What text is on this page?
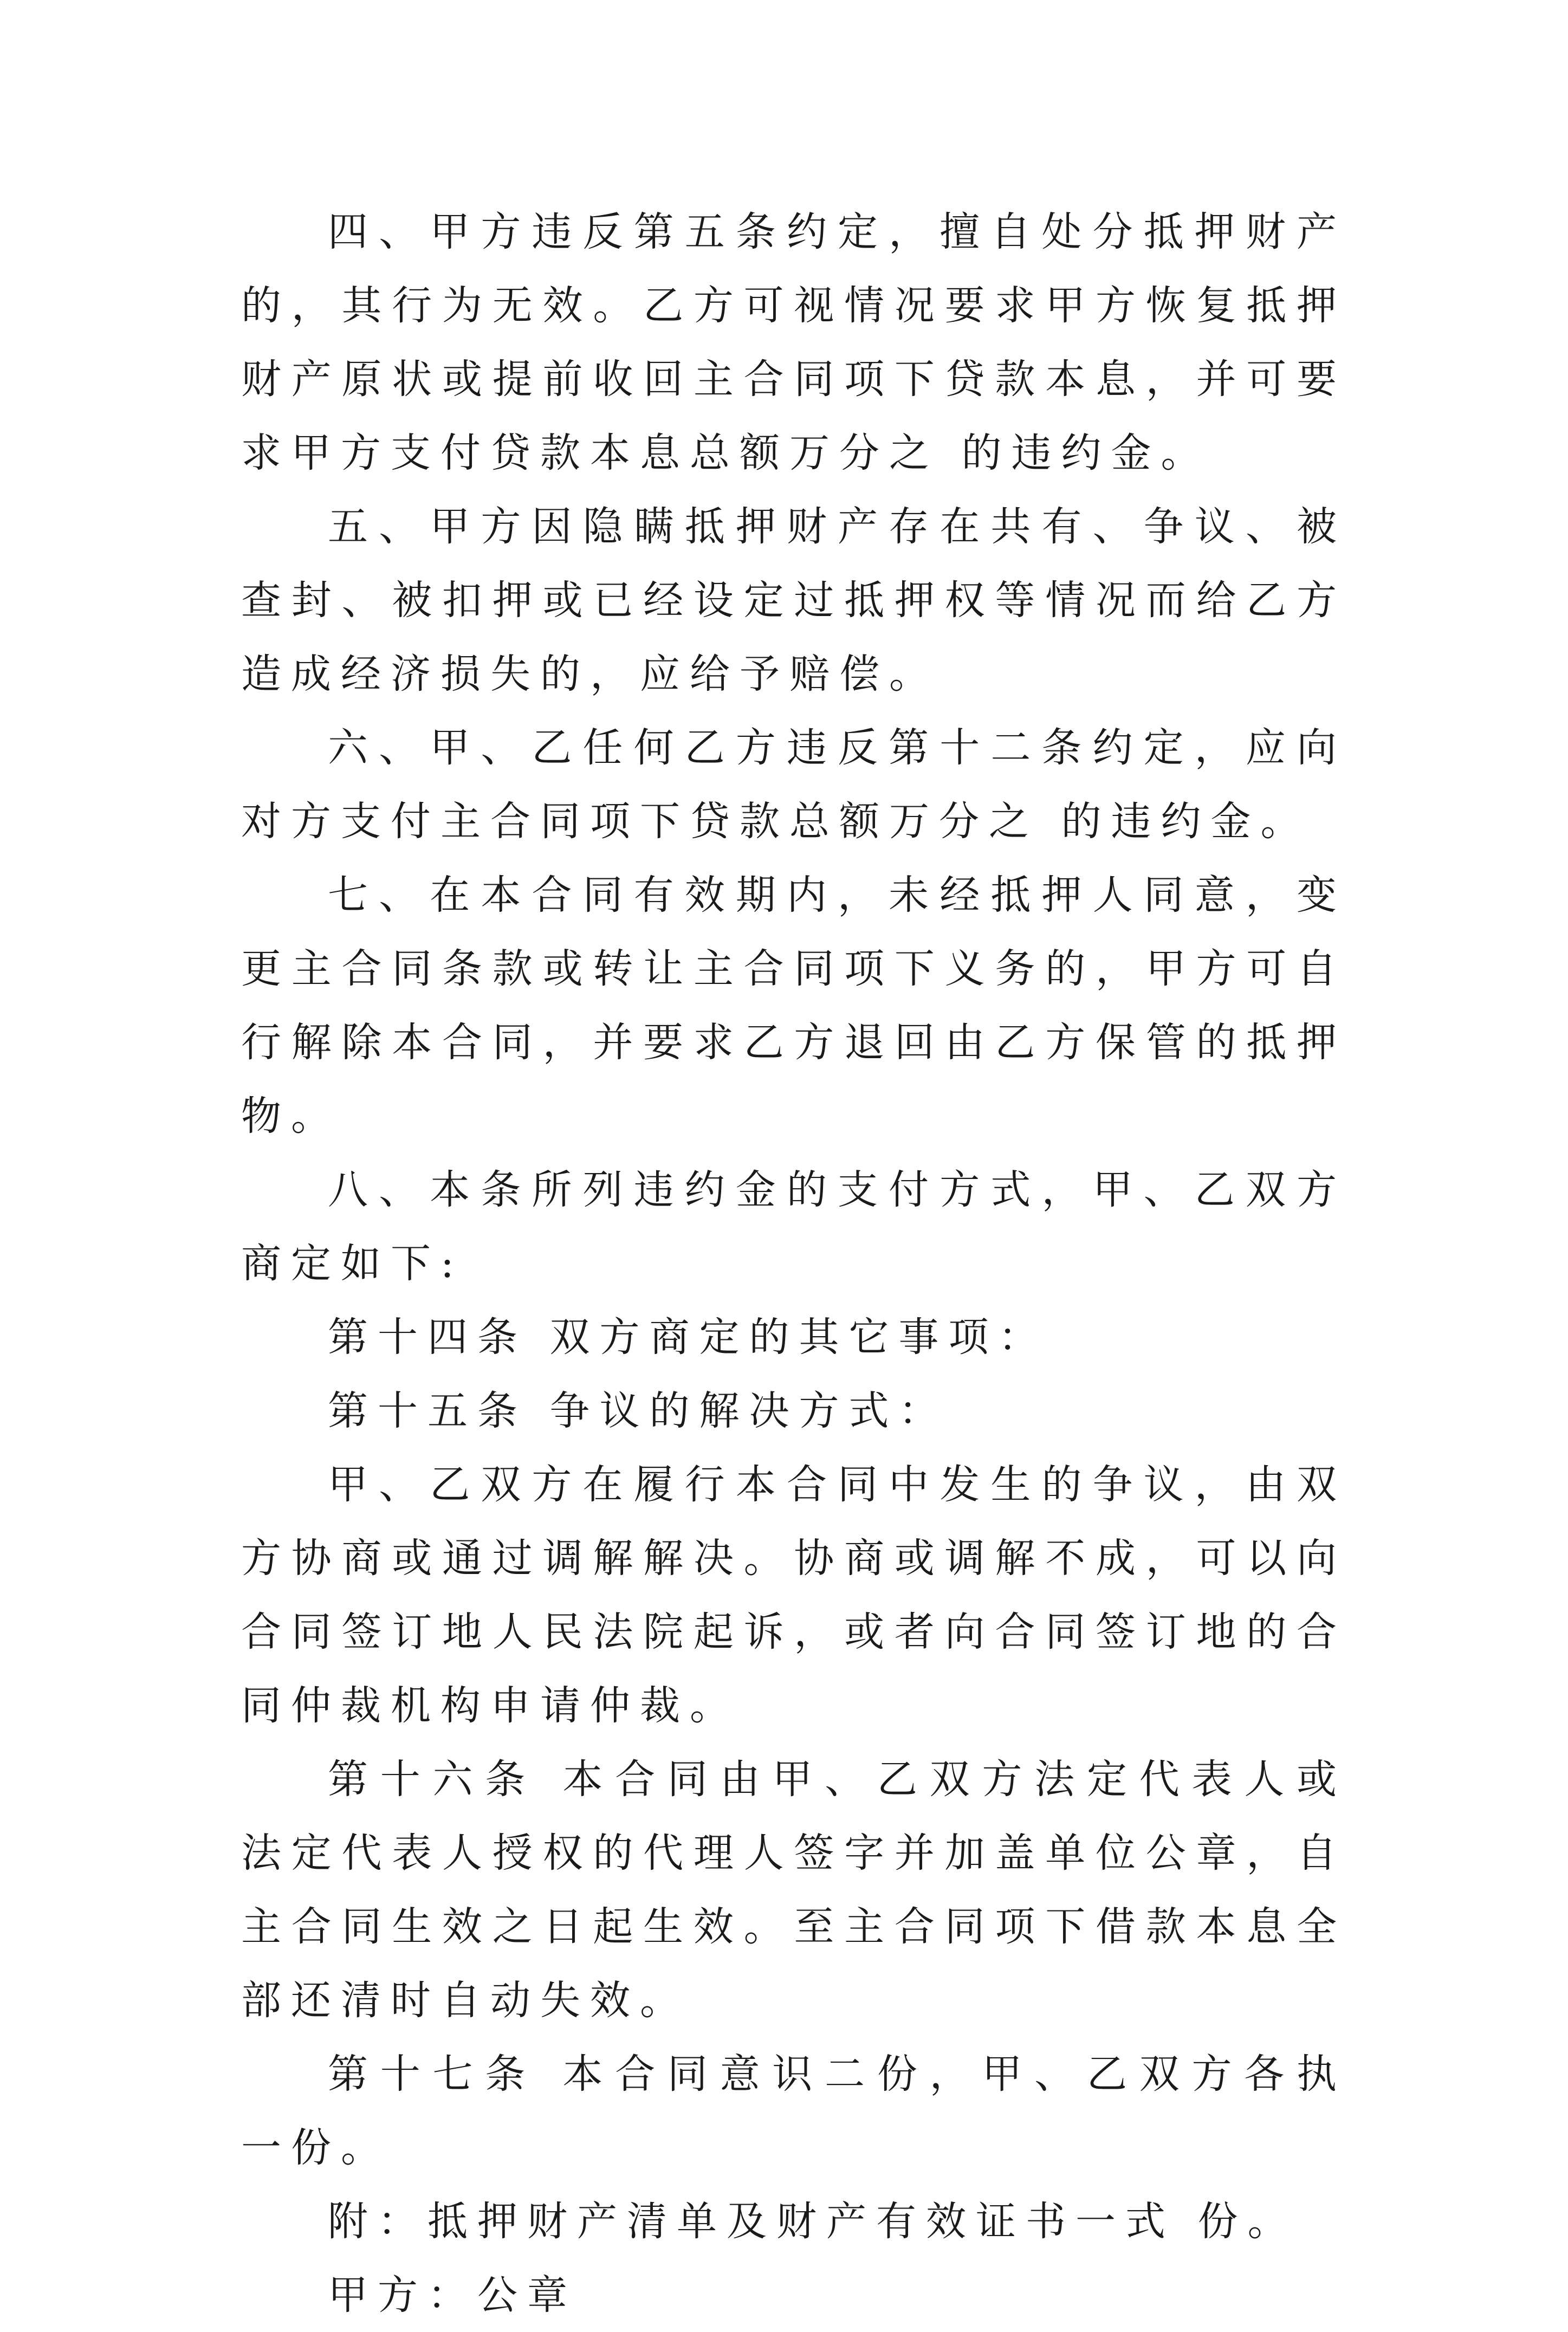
四、甲方违反第五条约定，擅自处分抵押财产的，其行为无效。乙方可视情况要求甲方恢复抵押财产原状或提前收回主合同项下贷款本息，并可要求甲方支付贷款本息总额万分之 的违约金。

五、甲方因隐瞒抵押财产存在共有、争议、被查封、被扣押或已经设定过抵押权等情况而给乙方造成经济损失的，应给予赔偿。

六、甲、乙任何乙方违反第十二条约定，应向对方支付主合同项下贷款总额万分之 的违约金。

七、在本合同有效期内，未经抵押人同意，变更主合同条款或转让主合同项下义务的，甲方可自行解除本合同，并要求乙方退回由乙方保管的抵押物。

八、本条所列违约金的支付方式，甲、乙双方商定如下:

第十四条 双方商定的其它事项：

第十五条 争议的解决方式：

甲、乙双方在履行本合同中发生的争议，由双方协商或通过调解解决。协商或调解不成，可以向合同签订地人民法院起诉，或者向合同签订地的合同仲裁机构申请仲裁。

第十六条 本合同由甲、乙双方法定代表人或法定代表人授权的代理人签字并加盖单位公章，自主合同生效之日起生效。至主合同项下借款本息全部还清时自动失效。

第十七条 本合同意识二份，甲、乙双方各执一份。

附：抵押财产清单及财产有效证书一式 份。

甲方：公章
